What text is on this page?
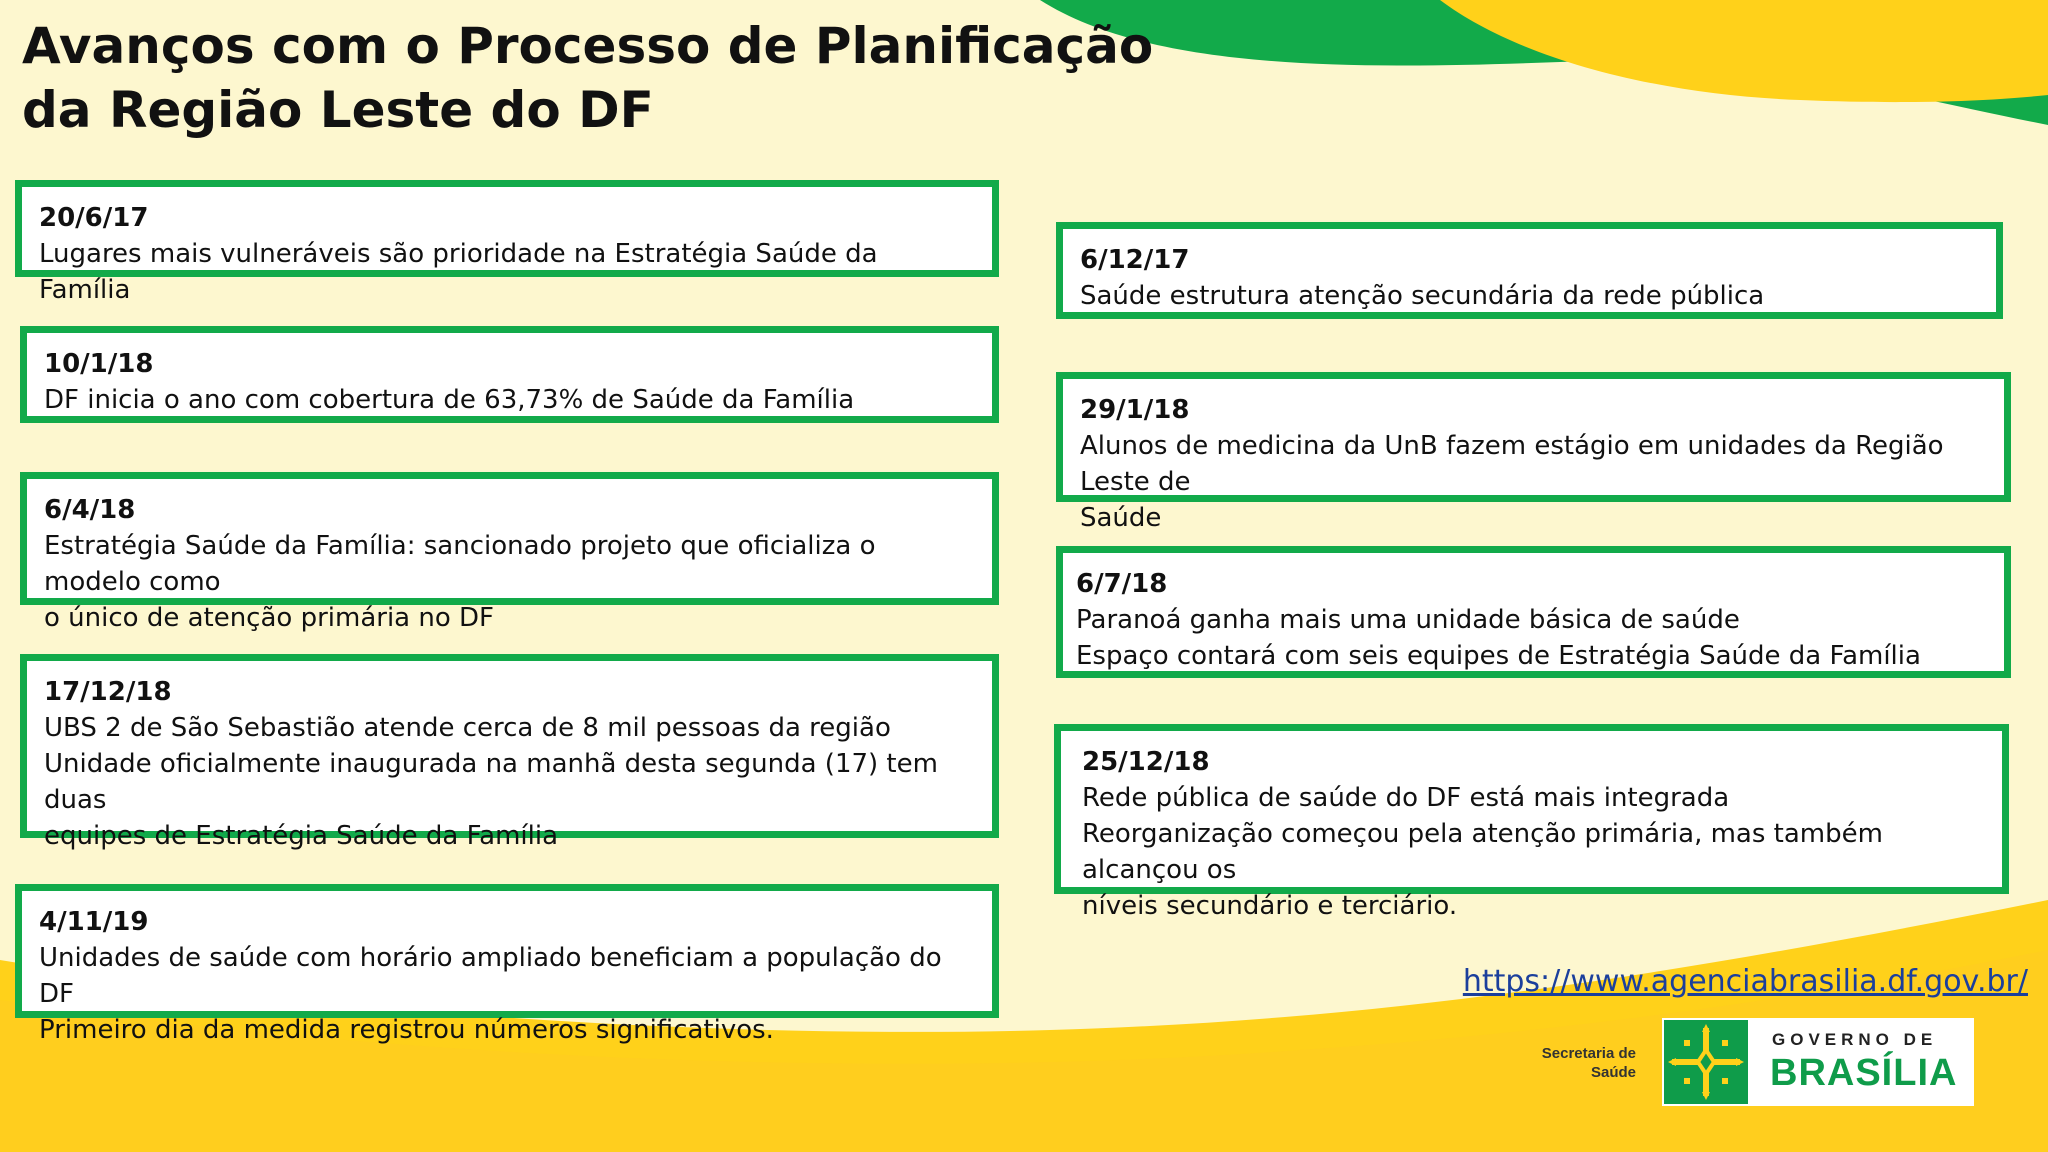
Avanços com o Processo de Planificação
da Região Leste do DF
20/6/17
Lugares mais vulneráveis são prioridade na Estratégia Saúde da Família
10/1/18
DF inicia o ano com cobertura de 63,73% de Saúde da Família
6/4/18
Estratégia Saúde da Família: sancionado projeto que oficializa o modelo como
o único de atenção primária no DF
17/12/18
UBS 2 de São Sebastião atende cerca de 8 mil pessoas da região
Unidade oficialmente inaugurada na manhã desta segunda (17) tem duas
equipes de Estratégia Saúde da Família
4/11/19
Unidades de saúde com horário ampliado beneficiam a população do DF
Primeiro dia da medida registrou números significativos.
6/12/17
Saúde estrutura atenção secundária da rede pública
29/1/18
Alunos de medicina da UnB fazem estágio em unidades da Região Leste de
Saúde
6/7/18
Paranoá ganha mais uma unidade básica de saúde
Espaço contará com seis equipes de Estratégia Saúde da Família
25/12/18
Rede pública de saúde do DF está mais integrada
Reorganização começou pela atenção primária, mas também alcançou os
níveis secundário e terciário.
https://www.agenciabrasilia.df.gov.br/
Secretaria de
Saúde
GOVERNO DE
BRASÍLIA
